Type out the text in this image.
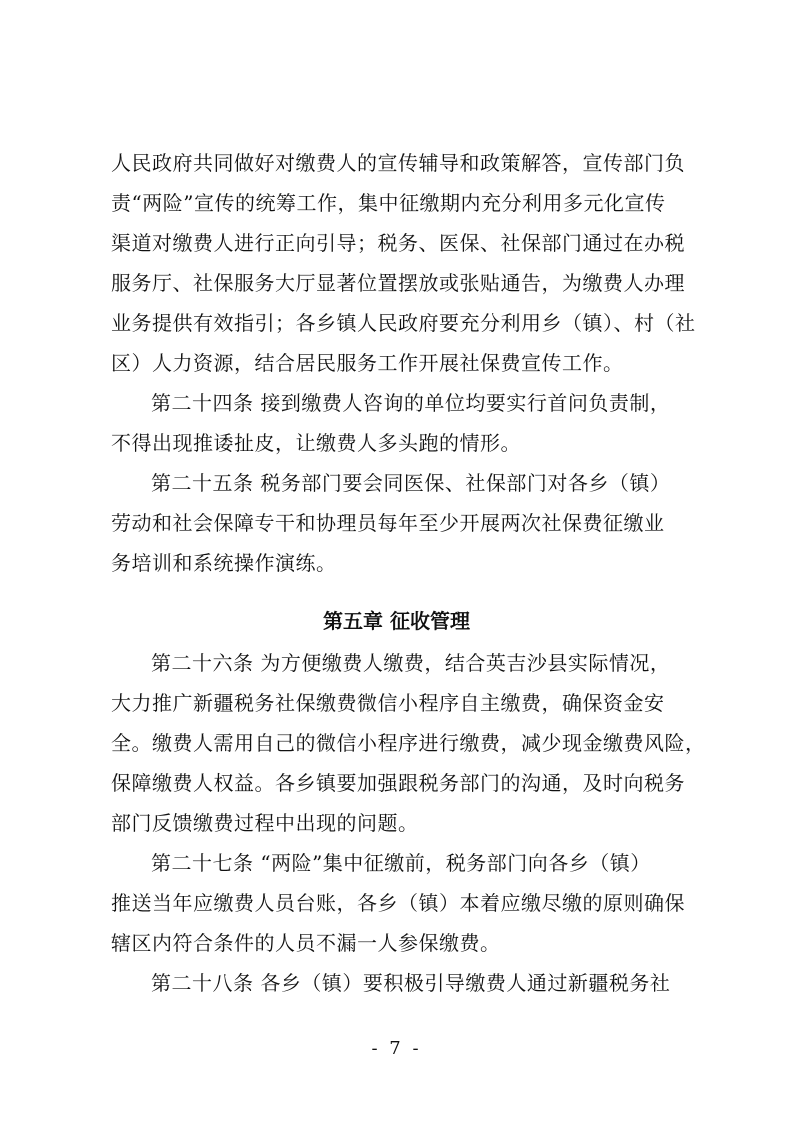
人民政府共同做好对缴费人的宣传辅导和政策解答，宣传部门负
责“两险”宣传的统筹工作，集中征缴期内充分利用多元化宣传
渠道对缴费人进行正向引导；税务、医保、社保部门通过在办税
服务厅、社保服务大厅显著位置摆放或张贴通告，为缴费人办理
业务提供有效指引；各乡镇人民政府要充分利用乡（镇）、村（社
区）人力资源，结合居民服务工作开展社保费宣传工作。
第二十四条 接到缴费人咨询的单位均要实行首问负责制，
不得出现推诿扯皮，让缴费人多头跑的情形。
第二十五条 税务部门要会同医保、社保部门对各乡（镇）
劳动和社会保障专干和协理员每年至少开展两次社保费征缴业
务培训和系统操作演练。
第五章 征收管理
第二十六条 为方便缴费人缴费，结合英吉沙县实际情况，
大力推广新疆税务社保缴费微信小程序自主缴费，确保资金安
全。缴费人需用自己的微信小程序进行缴费，减少现金缴费风险，
保障缴费人权益。各乡镇要加强跟税务部门的沟通，及时向税务
部门反馈缴费过程中出现的问题。
第二十七条 “两险”集中征缴前，税务部门向各乡（镇）
推送当年应缴费人员台账，各乡（镇）本着应缴尽缴的原则确保
辖区内符合条件的人员不漏一人参保缴费。
第二十八条 各乡（镇）要积极引导缴费人通过新疆税务社
- 7 -
